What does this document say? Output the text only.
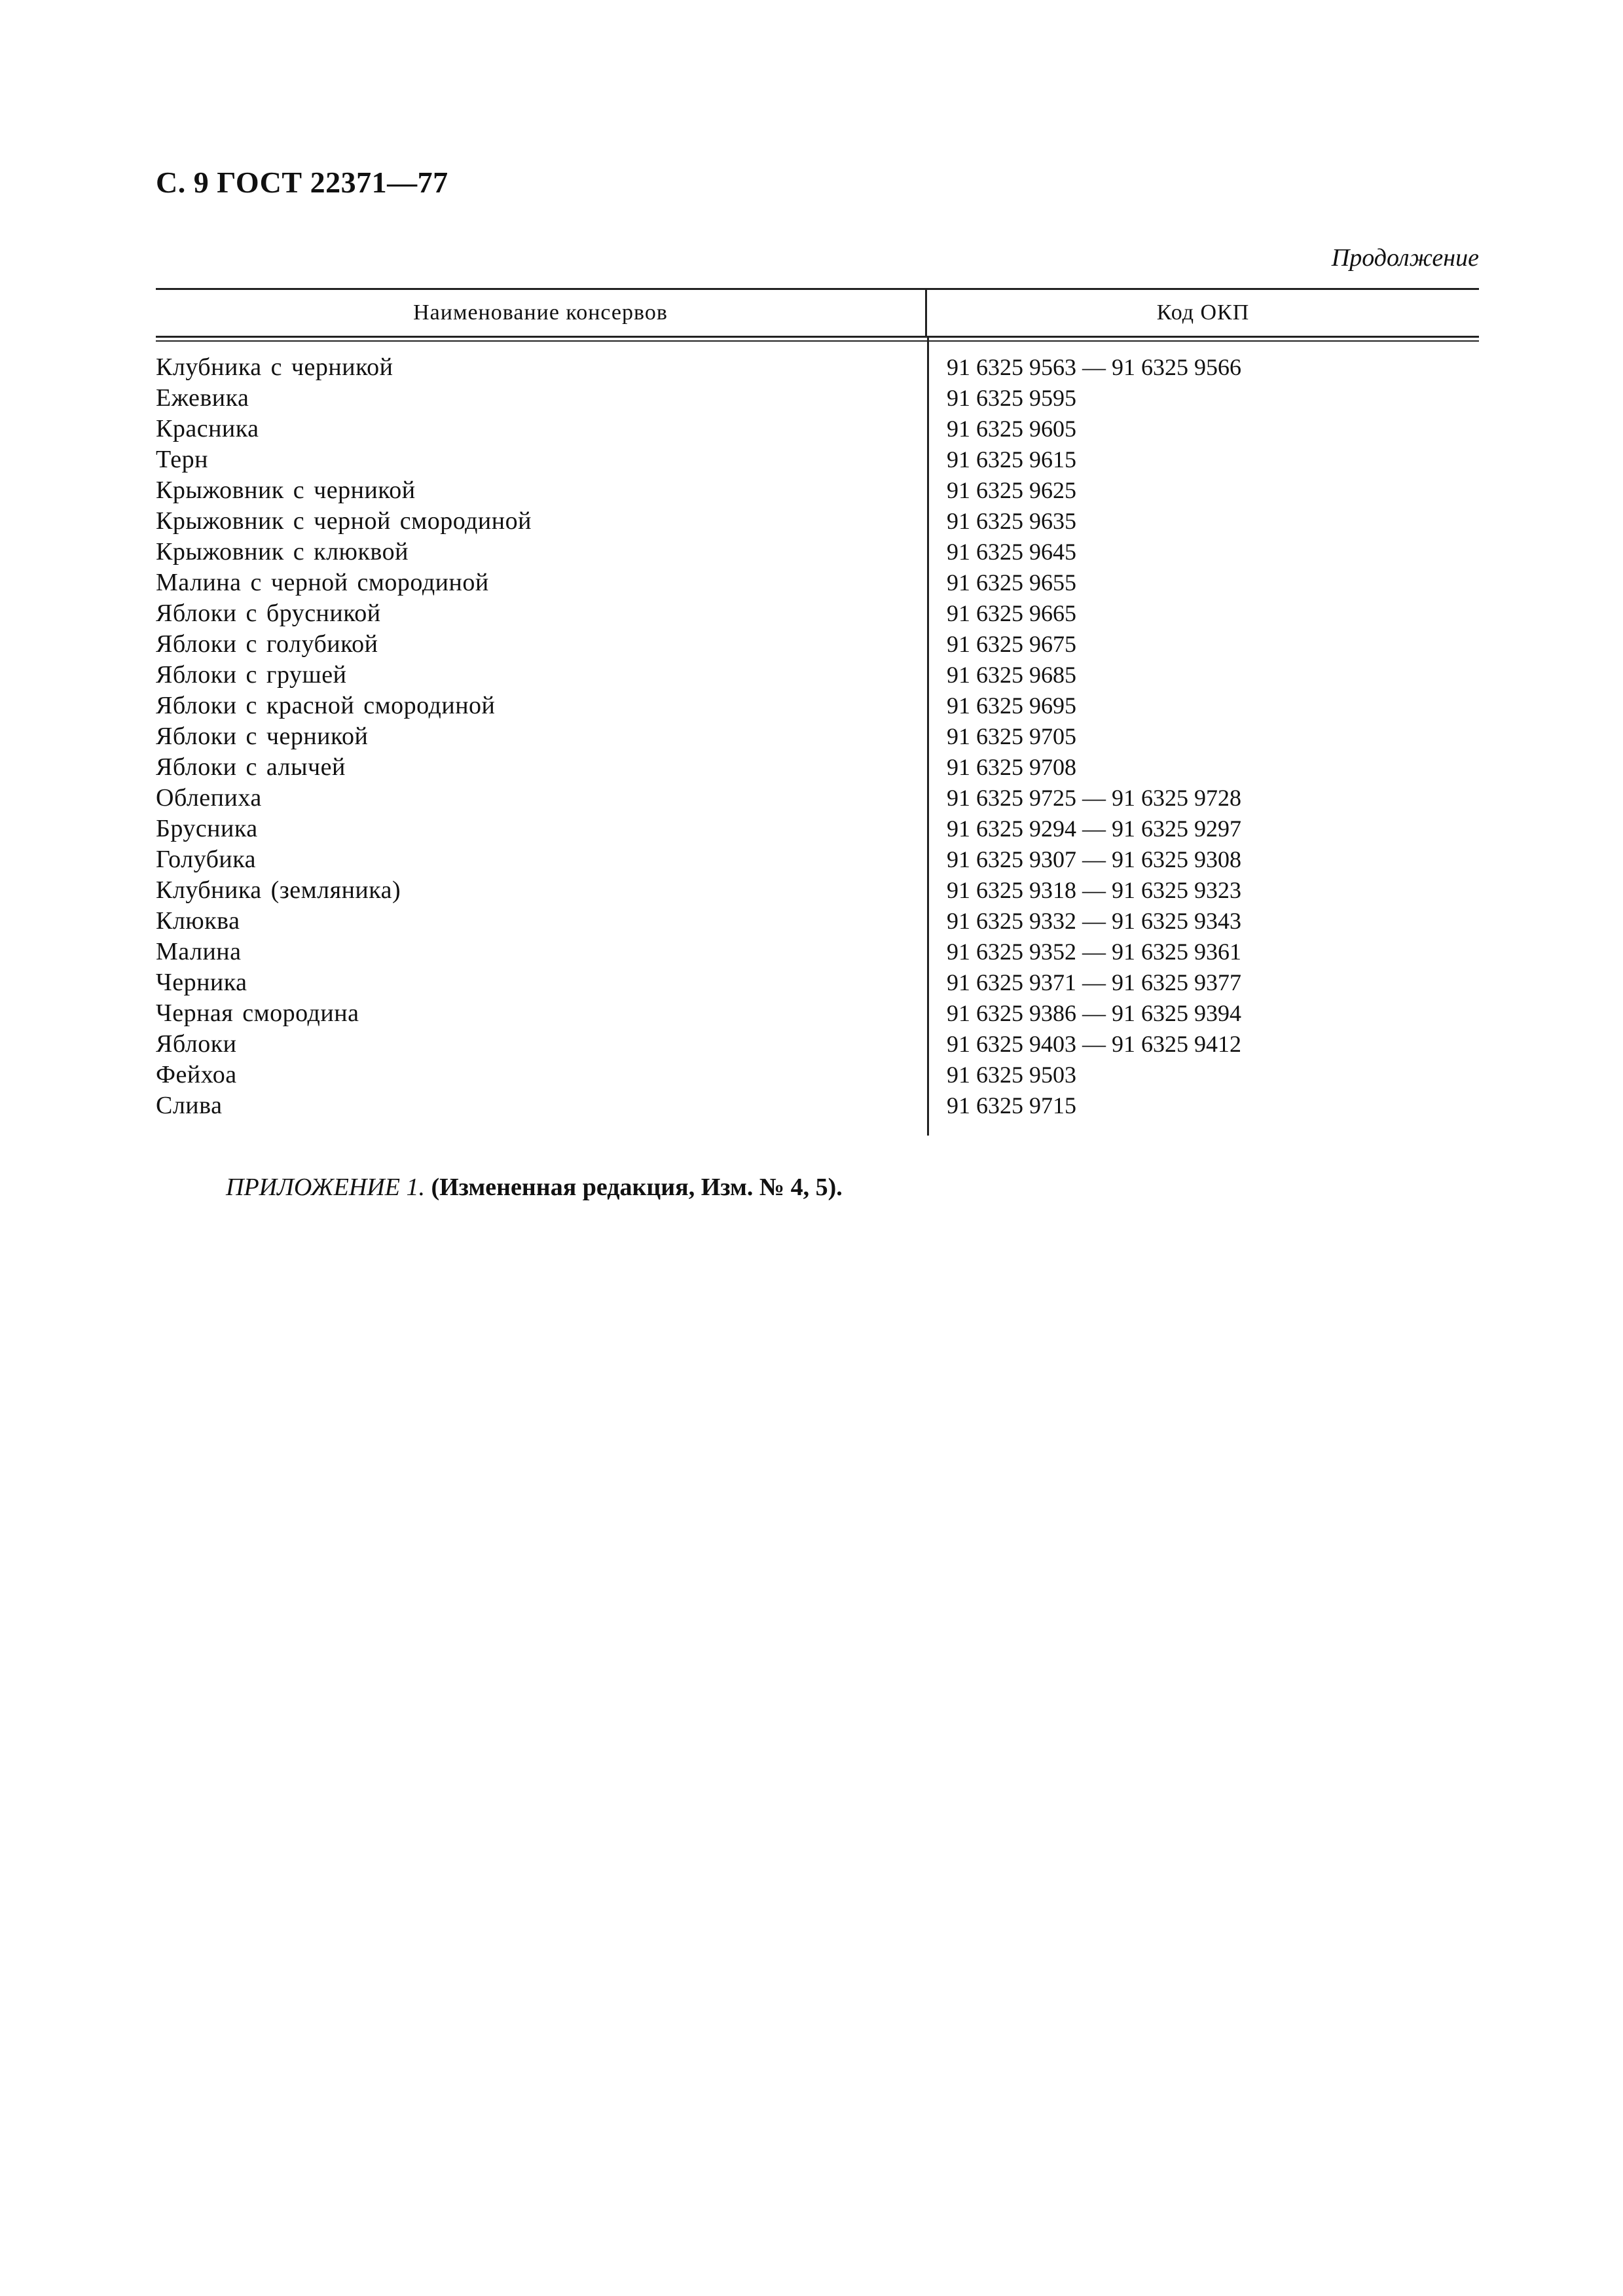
С. 9 ГОСТ 22371—77
Продолжение
Наименование консервов	Код ОКП
Клубника с черникой	91 6325 9563 — 91 6325 9566
Ежевика	91 6325 9595
Красника	91 6325 9605
Терн	91 6325 9615
Крыжовник с черникой	91 6325 9625
Крыжовник с черной смородиной	91 6325 9635
Крыжовник с клюквой	91 6325 9645
Малина с черной смородиной	91 6325 9655
Яблоки с брусникой	91 6325 9665
Яблоки с голубикой	91 6325 9675
Яблоки с грушей	91 6325 9685
Яблоки с красной смородиной	91 6325 9695
Яблоки с черникой	91 6325 9705
Яблоки с алычей	91 6325 9708
Облепиха	91 6325 9725 — 91 6325 9728
Брусника	91 6325 9294 — 91 6325 9297
Голубика	91 6325 9307 — 91 6325 9308
Клубника (земляника)	91 6325 9318 — 91 6325 9323
Клюква	91 6325 9332 — 91 6325 9343
Малина	91 6325 9352 — 91 6325 9361
Черника	91 6325 9371 — 91 6325 9377
Черная смородина	91 6325 9386 — 91 6325 9394
Яблоки	91 6325 9403 — 91 6325 9412
Фейхоа	91 6325 9503
Слива	91 6325 9715
ПРИЛОЖЕНИЕ 1. (Измененная редакция, Изм. № 4, 5).
